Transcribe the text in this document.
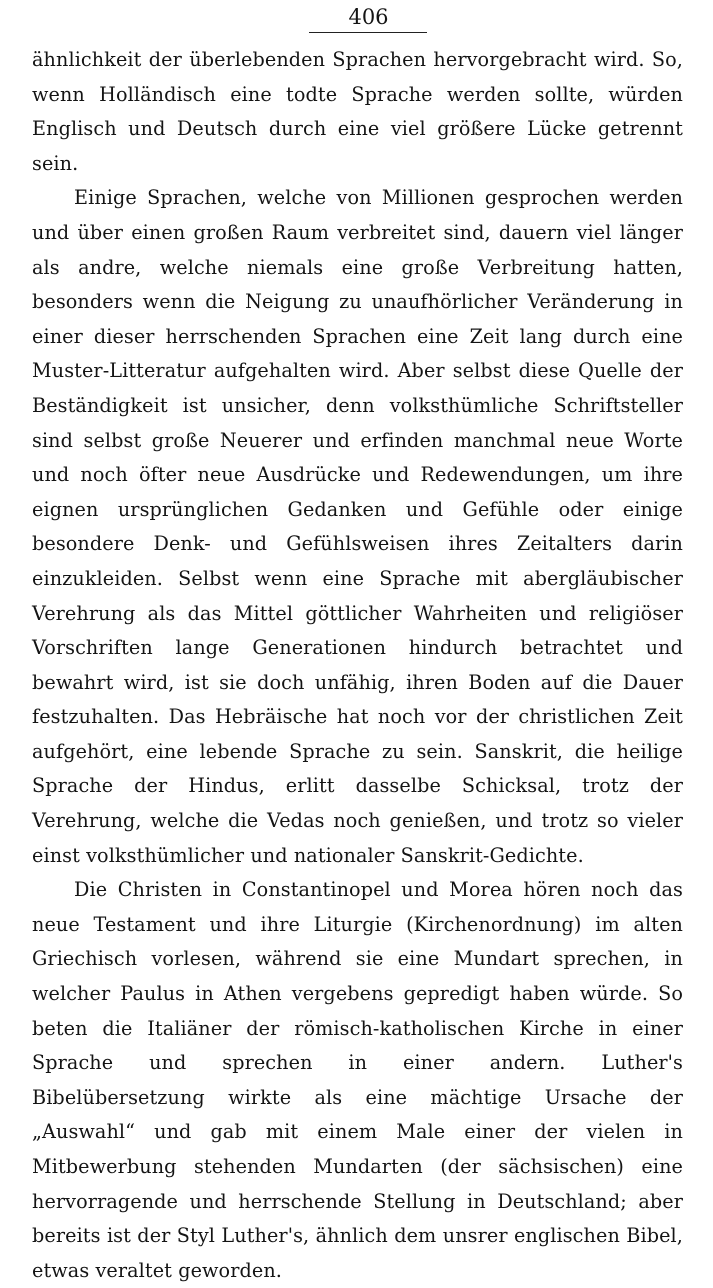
406

ähnlichkeit der überlebenden Sprachen hervorgebracht wird. So, wenn Holländisch eine todte Sprache werden sollte, würden Englisch und Deutsch durch eine viel größere Lücke getrennt sein.

Einige Sprachen, welche von Millionen gesprochen werden und über einen großen Raum verbreitet sind, dauern viel länger als andre, welche niemals eine große Verbreitung hatten, besonders wenn die Neigung zu unaufhörlicher Veränderung in einer dieser herrschenden Sprachen eine Zeit lang durch eine Muster-Litteratur aufgehalten wird. Aber selbst diese Quelle der Beständigkeit ist unsicher, denn volksthümliche Schriftsteller sind selbst große Neuerer und erfinden manchmal neue Worte und noch öfter neue Ausdrücke und Redewendungen, um ihre eignen ursprünglichen Gedanken und Gefühle oder einige besondere Denk- und Gefühlsweisen ihres Zeitalters darin einzukleiden. Selbst wenn eine Sprache mit abergläubischer Verehrung als das Mittel göttlicher Wahrheiten und religiöser Vorschriften lange Generationen hindurch betrachtet und bewahrt wird, ist sie doch unfähig, ihren Boden auf die Dauer festzuhalten. Das Hebräische hat noch vor der christlichen Zeit aufgehört, eine lebende Sprache zu sein. Sanskrit, die heilige Sprache der Hindus, erlitt dasselbe Schicksal, trotz der Verehrung, welche die Vedas noch genießen, und trotz so vieler einst volksthümlicher und nationaler Sanskrit-Gedichte.

Die Christen in Constantinopel und Morea hören noch das neue Testament und ihre Liturgie (Kirchenordnung) im alten Griechisch vorlesen, während sie eine Mundart sprechen, in welcher Paulus in Athen vergebens gepredigt haben würde. So beten die Italiäner der römisch-katholischen Kirche in einer Sprache und sprechen in einer andern. Luther's Bibelübersetzung wirkte als eine mächtige Ursache der „Auswahl“ und gab mit einem Male einer der vielen in Mitbewerbung stehenden Mundarten (der sächsischen) eine hervorragende und herrschende Stellung in Deutschland; aber bereits ist der Styl Luther's, ähnlich dem unsrer englischen Bibel, etwas veraltet geworden.
